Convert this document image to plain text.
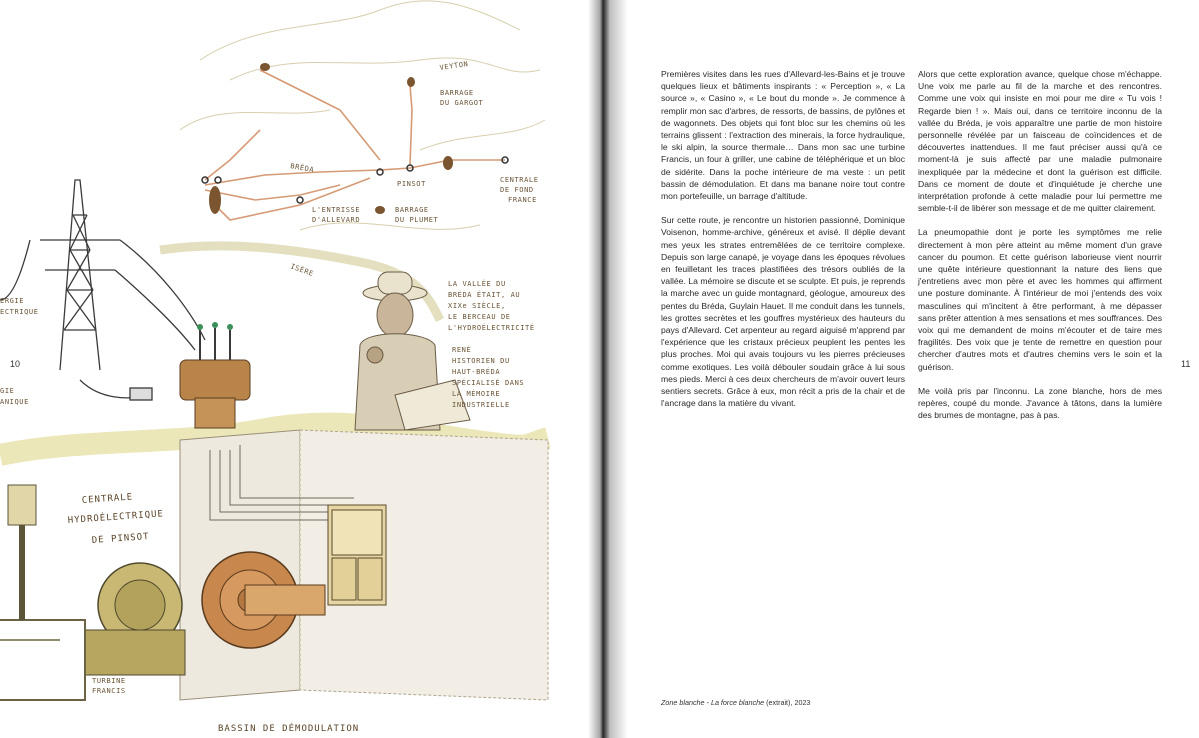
VEYTON
BARRAGE
DU GARGOT
BRÉDA
PINSOT	CENTRALE
DE FOND
FRANCE
BARRAGE
DU PLUMET
L'ENTRISSE
D'ALLEVARD
ISÈRE
LA VALLÉE DU
BRÉDA ÉTAIT, AU
XIXe SIÈCLE,
LE BERCEAU DE
L'HYDROÉLECTRICITÉ
RENÉ
HISTORIEN DU
HAUT-BRÉDA
SPÉCIALISÉ DANS
LA MÉMOIRE
INDUSTRIELLE
ERGIE
ECTRIQUE
GIE
ANIQUE
CENTRALE
HYDROÉLECTRIQUE
DE PINSOT
TURBINE
FRANCIS
BASSIN DE DÉMODULATION
10

Premières visites dans les rues d'Allevard-les-Bains et je trouve quelques lieux et bâtiments inspirants : « Perception », « La source », « Casino », « Le bout du monde ». Je commence à remplir mon sac d'arbres, de ressorts, de bassins, de pylônes et de wagonnets. Des objets qui font bloc sur les chemins où les terrains glissent : l'extraction des minerais, la force hydraulique, le ski alpin, la source thermale… Dans mon sac une turbine Francis, un four à griller, une cabine de téléphérique et un bloc de sidérite. Dans la poche intérieure de ma veste : un petit bassin de démodulation. Et dans ma banane noire tout contre mon portefeuille, un barrage d'altitude.

Sur cette route, je rencontre un historien passionné, Dominique Voisenon, homme-archive, généreux et avisé. Il déplie devant mes yeux les strates entremêlées de ce territoire complexe. Depuis son large canapé, je voyage dans les époques révolues en feuilletant les traces plastifiées des trésors oubliés de la vallée. La mémoire se discute et se sculpte. Et puis, je reprends la marche avec un guide montagnard, géologue, amoureux des pentes du Bréda, Guylain Hauet. Il me conduit dans les tunnels, les grottes secrètes et les gouffres mystérieux des hauteurs du pays d'Allevard. Cet arpenteur au regard aiguisé m'apprend par l'expérience que les cristaux précieux peuplent les pentes les plus proches. Moi qui avais toujours vu les pierres précieuses comme exotiques. Les voilà débouler soudain grâce à lui sous mes pieds. Merci à ces deux chercheurs de m'avoir ouvert leurs sentiers secrets. Grâce à eux, mon récit a pris de la chair et de l'ancrage dans la matière du vivant.

Alors que cette exploration avance, quelque chose m'échappe. Une voix me parle au fil de la marche et des rencontres. Comme une voix qui insiste en moi pour me dire « Tu vois ! Regarde bien ! ». Mais oui, dans ce territoire inconnu de la vallée du Bréda, je vois apparaître une partie de mon histoire personnelle révélée par un faisceau de coïncidences et de découvertes inattendues. Il me faut préciser aussi qu'à ce moment-là je suis affecté par une maladie pulmonaire inexpliquée par la médecine et dont la guérison est difficile. Dans ce moment de doute et d'inquiétude je cherche une interprétation profonde à cette maladie pour lui permettre me semble-t-il de libérer son message et de me quitter clairement.

La pneumopathie dont je porte les symptômes me relie directement à mon père atteint au même moment d'un grave cancer du poumon. Et cette guérison laborieuse vient nourrir une quête intérieure questionnant la nature des liens que j'entretiens avec mon père et avec les hommes qui affirment une posture dominante. À l'intérieur de moi j'entends des voix masculines qui m'incitent à être performant, à me dépasser sans prêter attention à mes sensations et mes souffrances. Des voix qui me demandent de moins m'écouter et de taire mes fragilités. Des voix que je tente de remettre en question pour chercher d'autres mots et d'autres chemins vers le soin et la guérison.

Me voilà pris par l'inconnu. La zone blanche, hors de mes repères, coupé du monde. J'avance à tâtons, dans la lumière des brumes de montagne, pas à pas.

Zone blanche - La force blanche (extrait), 2023
11
